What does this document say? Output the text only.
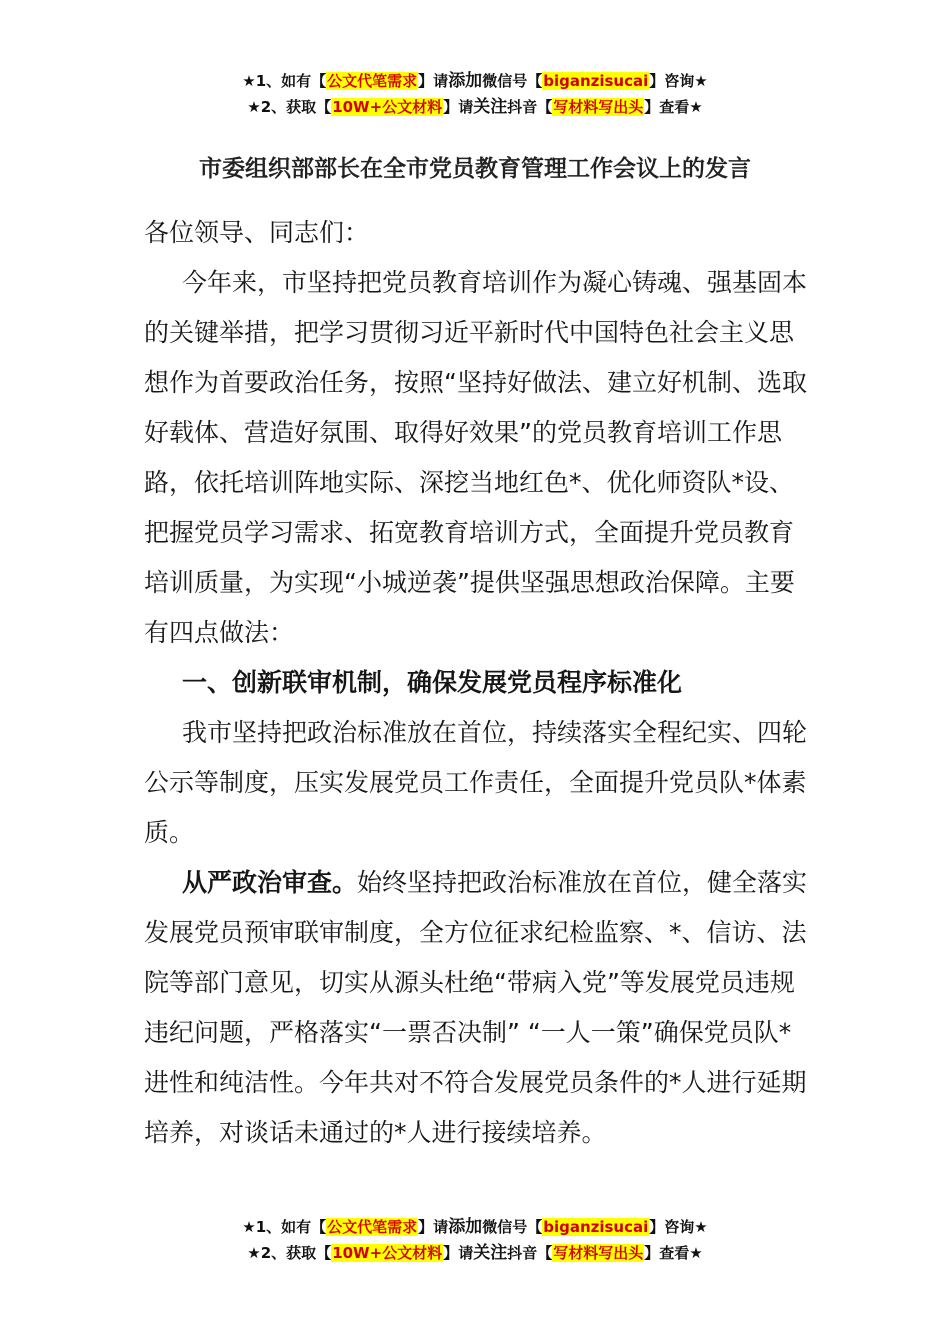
★1、如有【公文代笔需求】请添加微信号【biganzisucai】咨询★
★2、获取【10W+公文材料】请关注抖音【写材料写出头】查看★
市委组织部部长在全市党员教育管理工作会议上的发言

各位领导、同志们：

今年来，市坚持把党员教育培训作为凝心铸魂、强基固本的关键举措，把学习贯彻习近平新时代中国特色社会主义思想作为首要政治任务，按照“坚持好做法、建立好机制、选取好载体、营造好氛围、取得好效果”的党员教育培训工作思路，依托培训阵地实际、深挖当地红色*、优化师资队*设、把握党员学习需求、拓宽教育培训方式，全面提升党员教育培训质量，为实现“小城逆袭”提供坚强思想政治保障。主要有四点做法：

一、创新联审机制，确保发展党员程序标准化

我市坚持把政治标准放在首位，持续落实全程纪实、四轮公示等制度，压实发展党员工作责任，全面提升党员队*体素质。

从严政治审查。始终坚持把政治标准放在首位，健全落实发展党员预审联审制度，全方位征求纪检监察、*、信访、法院等部门意见，切实从源头杜绝“带病入党”等发展党员违规违纪问题，严格落实“一票否决制” “一人一策”确保党员队*进性和纯洁性。今年共对不符合发展党员条件的*人进行延期培养，对谈话未通过的*人进行接续培养。

★1、如有【公文代笔需求】请添加微信号【biganzisucai】咨询★
★2、获取【10W+公文材料】请关注抖音【写材料写出头】查看★
